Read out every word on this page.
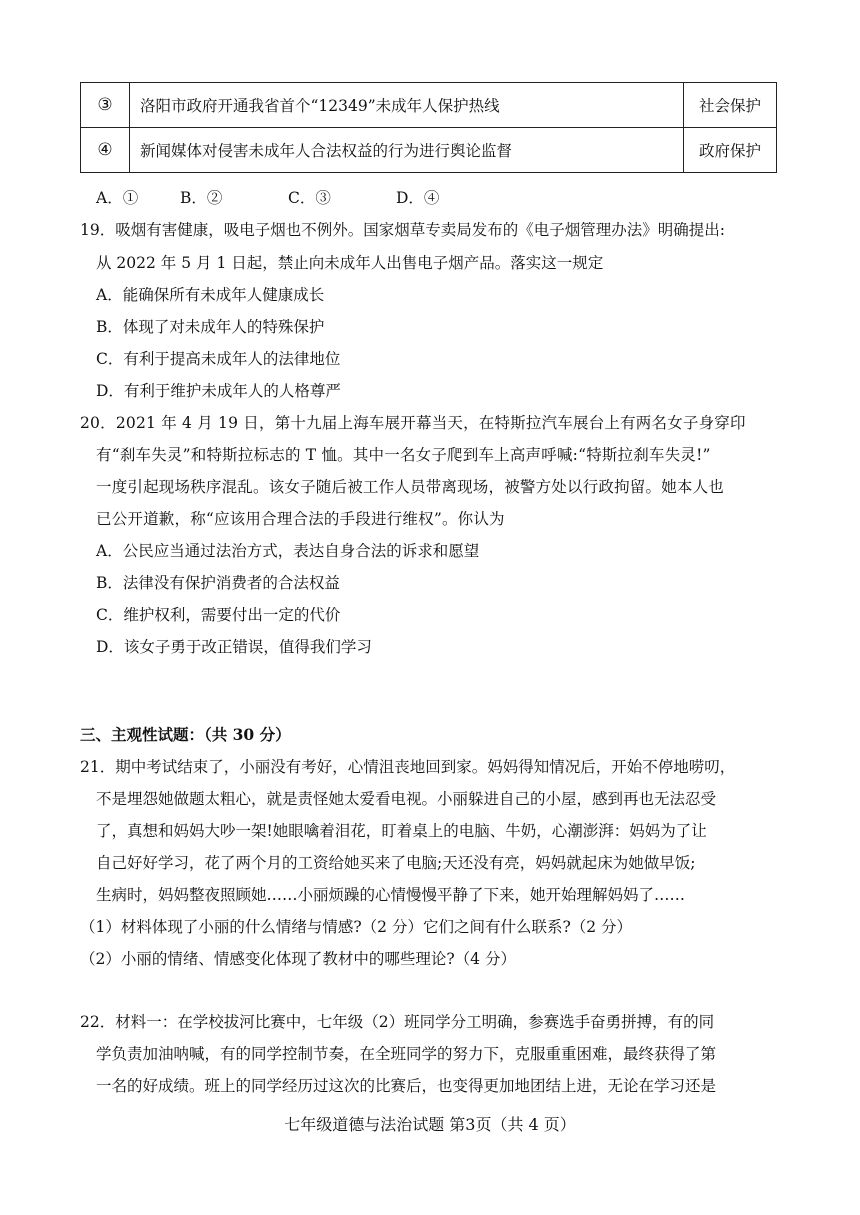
③	洛阳市政府开通我省首个“12349”未成年人保护热线	社会保护
④	新闻媒体对侵害未成年人合法权益的行为进行舆论监督	政府保护
A．①	B．②	C．③	D．④
19．吸烟有害健康，吸电子烟也不例外。国家烟草专卖局发布的《电子烟管理办法》明确提出:
从 2022 年 5 月 1 日起，禁止向未成年人出售电子烟产品。落实这一规定
A．能确保所有未成年人健康成长
B．体现了对未成年人的特殊保护
C．有利于提高未成年人的法律地位
D．有利于维护未成年人的人格尊严
20．2021 年 4 月 19 日，第十九届上海车展开幕当天，在特斯拉汽车展台上有两名女子身穿印
有“刹车失灵”和特斯拉标志的 T 恤。其中一名女子爬到车上高声呼喊:“特斯拉刹车失灵!”
一度引起现场秩序混乱。该女子随后被工作人员带离现场，被警方处以行政拘留。她本人也
已公开道歉，称“应该用合理合法的手段进行维权”。你认为
A．公民应当通过法治方式，表达自身合法的诉求和愿望
B．法律没有保护消费者的合法权益
C．维护权利，需要付出一定的代价
D．该女子勇于改正错误，值得我们学习
三、主观性试题：（共 30 分）
21．期中考试结束了，小丽没有考好，心情沮丧地回到家。妈妈得知情况后，开始不停地唠叨，
不是埋怨她做题太粗心，就是责怪她太爱看电视。小丽躲进自己的小屋，感到再也无法忍受
了，真想和妈妈大吵一架!她眼噙着泪花，盯着桌上的电脑、牛奶，心潮澎湃：妈妈为了让
自己好好学习，花了两个月的工资给她买来了电脑;天还没有亮，妈妈就起床为她做早饭;
生病时，妈妈整夜照顾她……小丽烦躁的心情慢慢平静了下来，她开始理解妈妈了……
（1）材料体现了小丽的什么情绪与情感?（2 分）它们之间有什么联系?（2 分）
（2）小丽的情绪、情感变化体现了教材中的哪些理论?（4 分）
22．材料一：在学校拔河比赛中，七年级（2）班同学分工明确，参赛选手奋勇拼搏，有的同
学负责加油呐喊，有的同学控制节奏，在全班同学的努力下，克服重重困难，最终获得了第
一名的好成绩。班上的同学经历过这次的比赛后，也变得更加地团结上进，无论在学习还是
七年级道德与法治试题 第3页（共 4 页）
